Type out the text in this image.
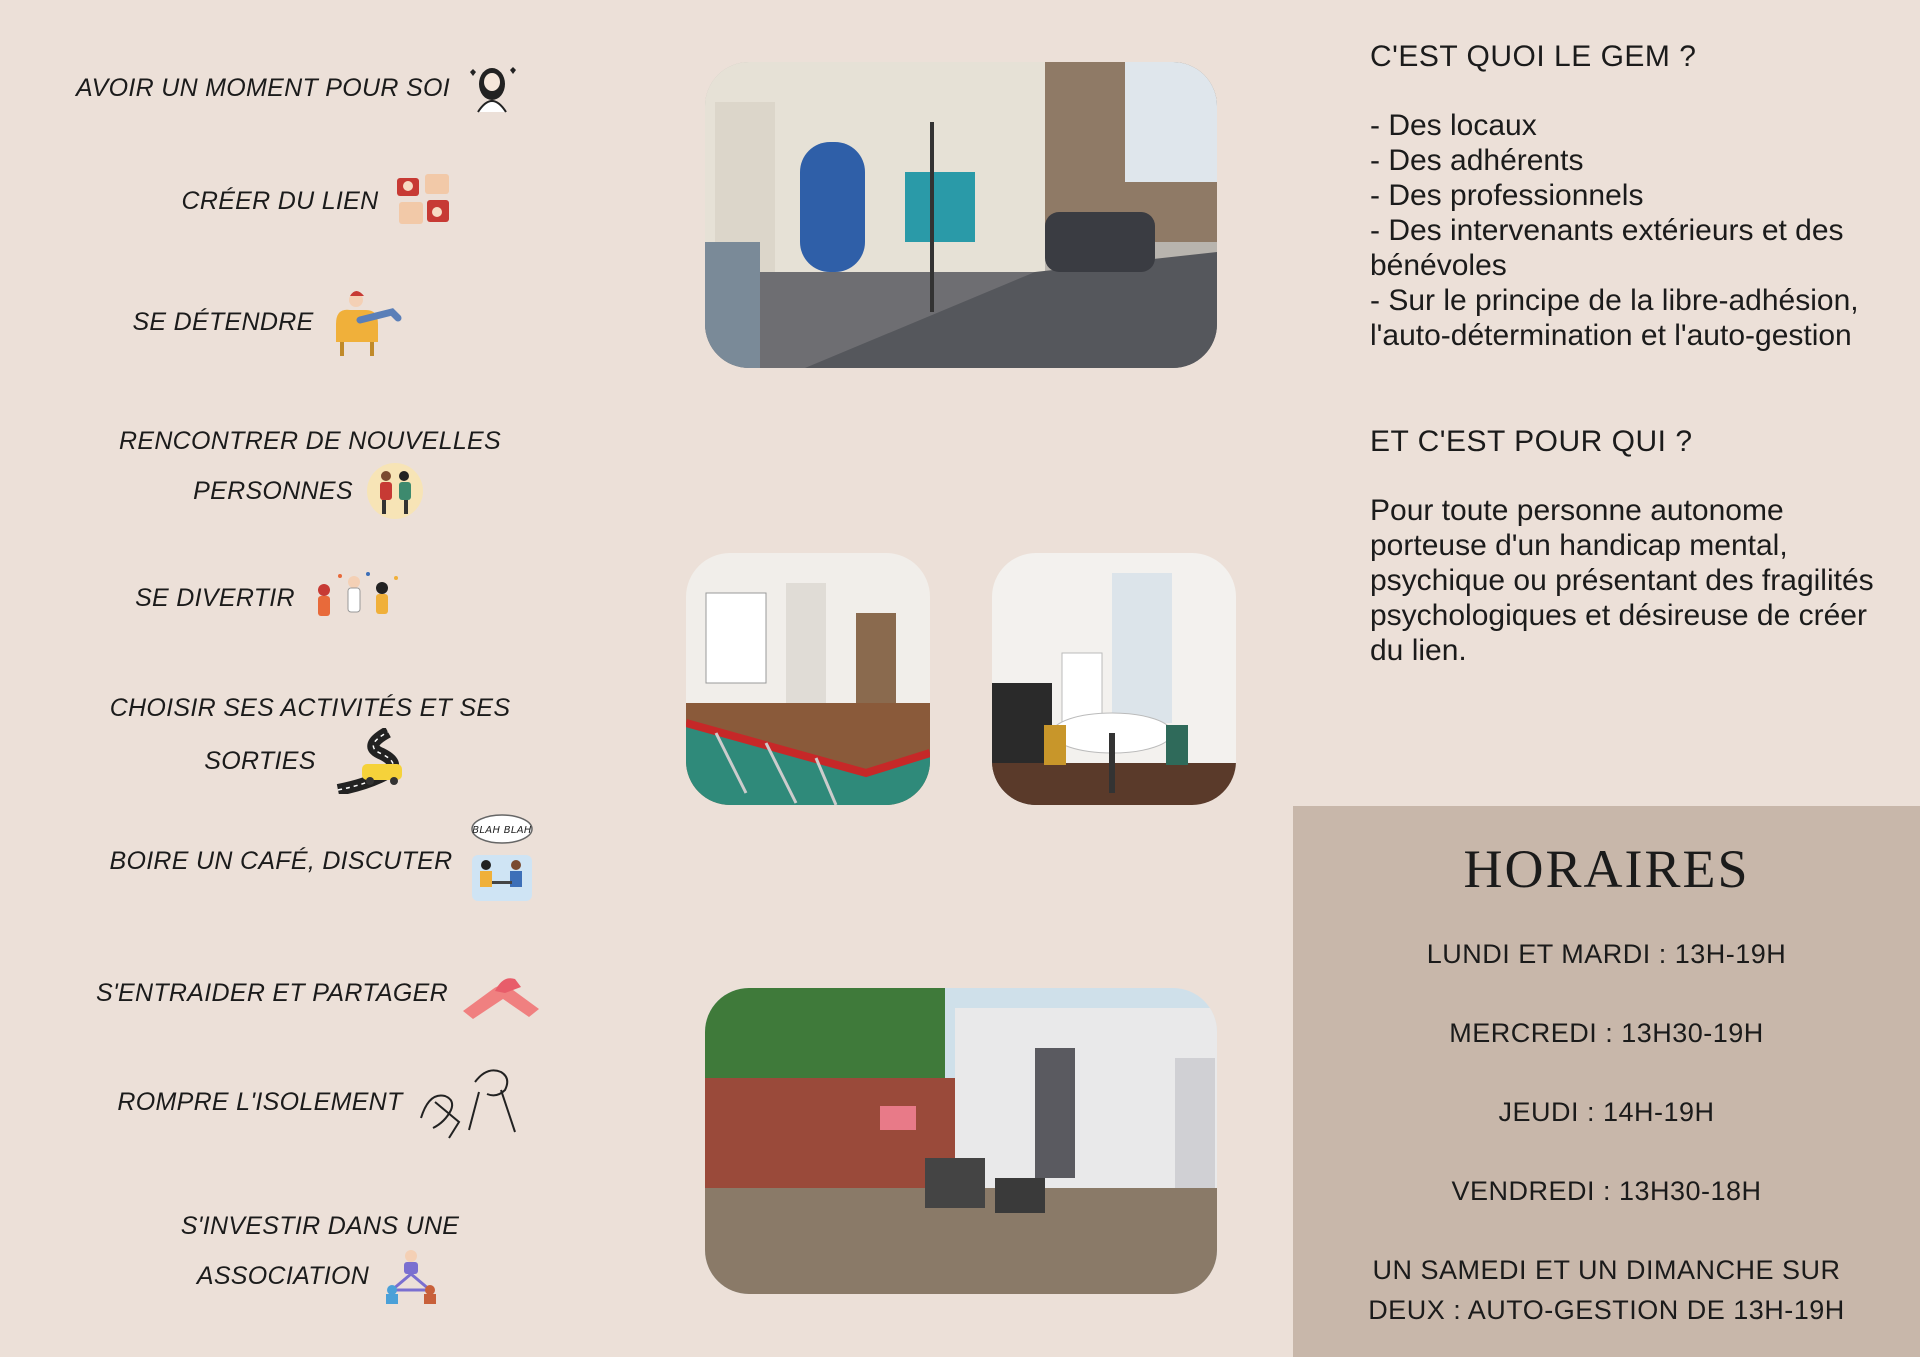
AVOIR UN MOMENT POUR SOI
CRÉER DU LIEN
SE DÉTENDRE
RENCONTRER DE NOUVELLES
PERSONNES
SE DIVERTIR
CHOISIR SES ACTIVITÉS ET SES
SORTIES
BOIRE UN CAFÉ, DISCUTER
BLAH BLAH
S'ENTRAIDER ET PARTAGER
ROMPRE L'ISOLEMENT
S'INVESTIR DANS UNE
ASSOCIATION
C'EST QUOI LE GEM ?
- Des locaux
- Des adhérents
- Des professionnels
- Des intervenants extérieurs et des bénévoles
- Sur le principe de la libre-adhésion, l'auto-détermination et l'auto-gestion
ET C'EST POUR QUI ?

Pour toute personne autonome porteuse d'un handicap mental, psychique ou présentant des fragilités psychologiques et désireuse de créer du lien.

HORAIRES
LUNDI ET MARDI : 13H-19H
MERCREDI : 13H30-19H
JEUDI : 14H-19H
VENDREDI : 13H30-18H
UN SAMEDI ET UN DIMANCHE SUR DEUX : AUTO-GESTION DE 13H-19H
